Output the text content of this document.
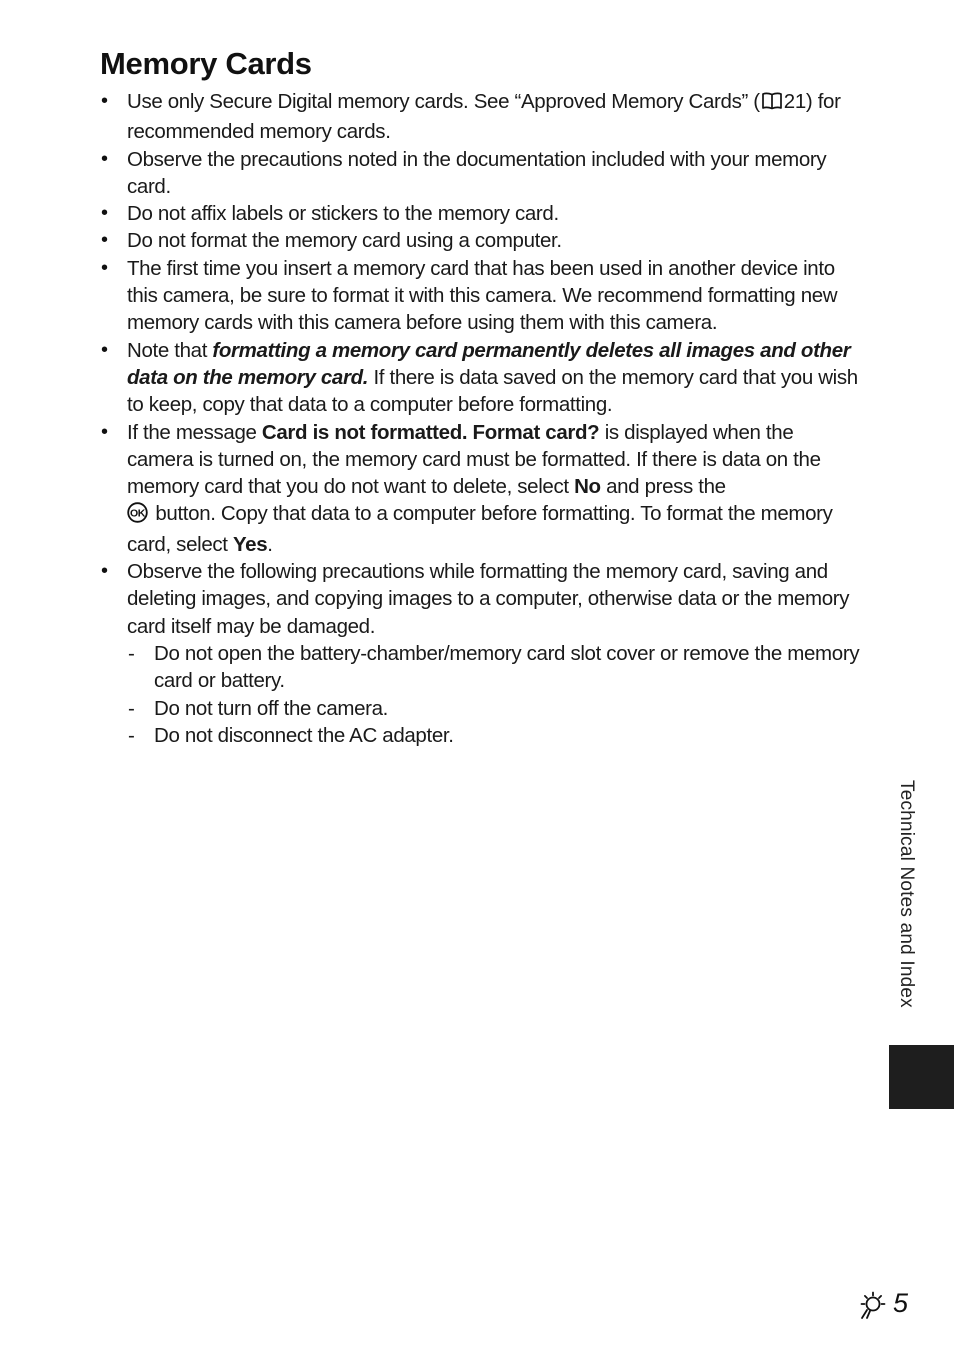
Memory Cards
• Use only Secure Digital memory cards. See “Approved Memory Cards” ( 21) for recommended memory cards.
• Observe the precautions noted in the documentation included with your memory card.
• Do not affix labels or stickers to the memory card.
• Do not format the memory card using a computer.
• The first time you insert a memory card that has been used in another device into this camera, be sure to format it with this camera. We recommend formatting new memory cards with this camera before using them with this camera.
• Note that formatting a memory card permanently deletes all images and other data on the memory card. If there is data saved on the memory card that you wish to keep, copy that data to a computer before formatting.
• If the message Card is not formatted. Format card? is displayed when the camera is turned on, the memory card must be formatted. If there is data on the memory card that you do not want to delete, select No and press the

OK button. Copy that data to a computer before formatting. To format the memory card, select Yes.
• Observe the following precautions while formatting the memory card, saving and deleting images, and copying images to a computer, otherwise data or the memory card itself may be damaged.
- Do not open the battery-chamber/memory card slot cover or remove the memory card or battery.
- Do not turn off the camera.
- Do not disconnect the AC adapter.
Technical Notes and Index
5
